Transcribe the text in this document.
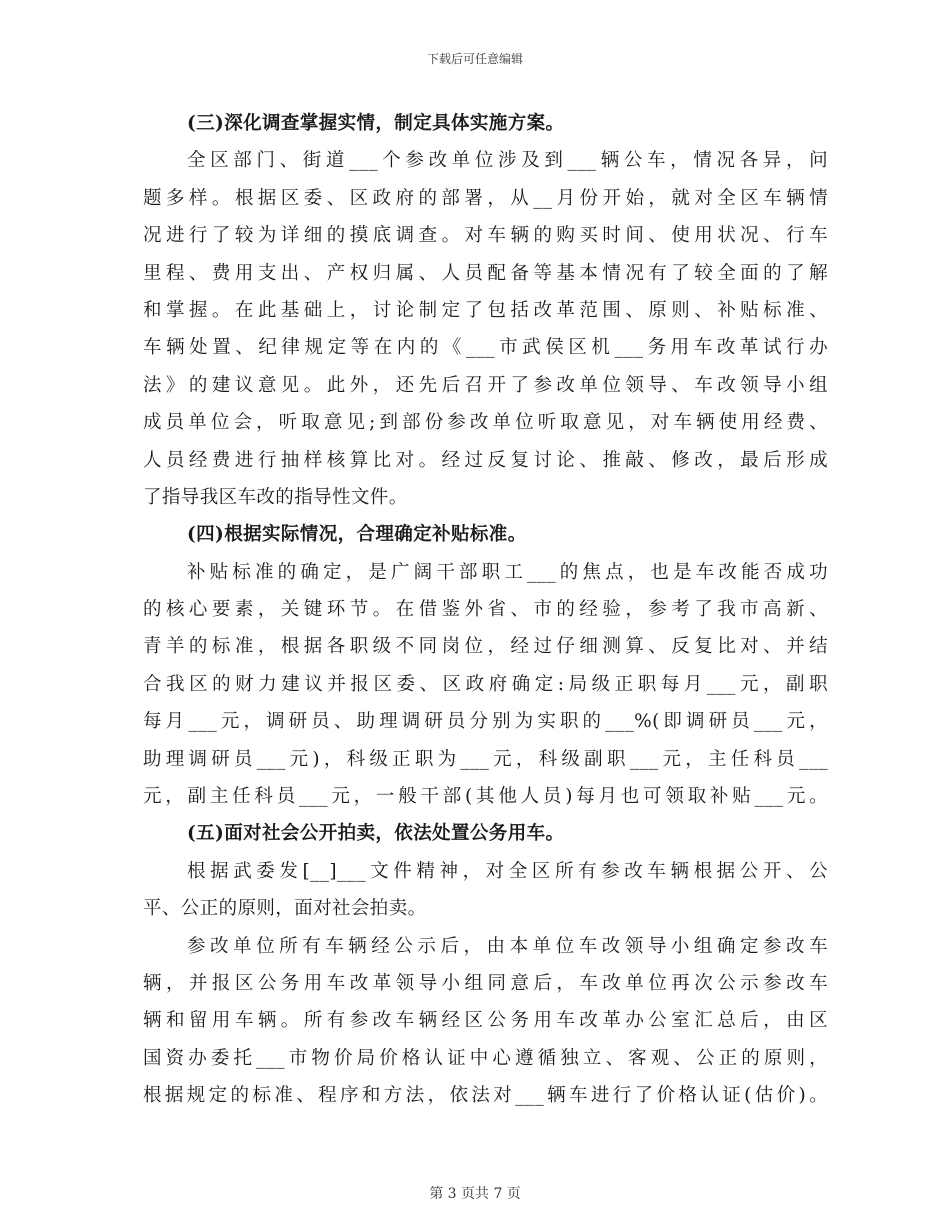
下载后可任意编辑
(三)深化调查掌握实情，制定具体实施方案。
全区部门、街道___个参改单位涉及到___辆公车，情况各异，问
题多样。根据区委、区政府的部署，从__月份开始，就对全区车辆情
况进行了较为详细的摸底调查。对车辆的购买时间、使用状况、行车
里程、费用支出、产权归属、人员配备等基本情况有了较全面的了解
和掌握。在此基础上，讨论制定了包括改革范围、原则、补贴标准、
车辆处置、纪律规定等在内的《___市武侯区机___务用车改革试行办
法》的建议意见。此外，还先后召开了参改单位领导、车改领导小组
成员单位会，听取意见;到部份参改单位听取意见，对车辆使用经费、
人员经费进行抽样核算比对。经过反复讨论、推敲、修改，最后形成
了指导我区车改的指导性文件。
(四)根据实际情况，合理确定补贴标准。
补贴标准的确定，是广阔干部职工___的焦点，也是车改能否成功
的核心要素，关键环节。在借鉴外省、市的经验，参考了我市高新、
青羊的标准，根据各职级不同岗位，经过仔细测算、反复比对、并结
合我区的财力建议并报区委、区政府确定:局级正职每月___元，副职
每月___元，调研员、助理调研员分别为实职的___%(即调研员___元，
助理调研员___元)，科级正职为___元，科级副职___元，主任科员___
元，副主任科员___元，一般干部(其他人员)每月也可领取补贴___元。
(五)面对社会公开拍卖，依法处置公务用车。
根据武委发[__]___文件精神，对全区所有参改车辆根据公开、公
平、公正的原则，面对社会拍卖。
参改单位所有车辆经公示后，由本单位车改领导小组确定参改车
辆，并报区公务用车改革领导小组同意后，车改单位再次公示参改车
辆和留用车辆。所有参改车辆经区公务用车改革办公室汇总后，由区
国资办委托___市物价局价格认证中心遵循独立、客观、公正的原则，
根据规定的标准、程序和方法，依法对___辆车进行了价格认证(估价)。
第 3 页共 7 页
